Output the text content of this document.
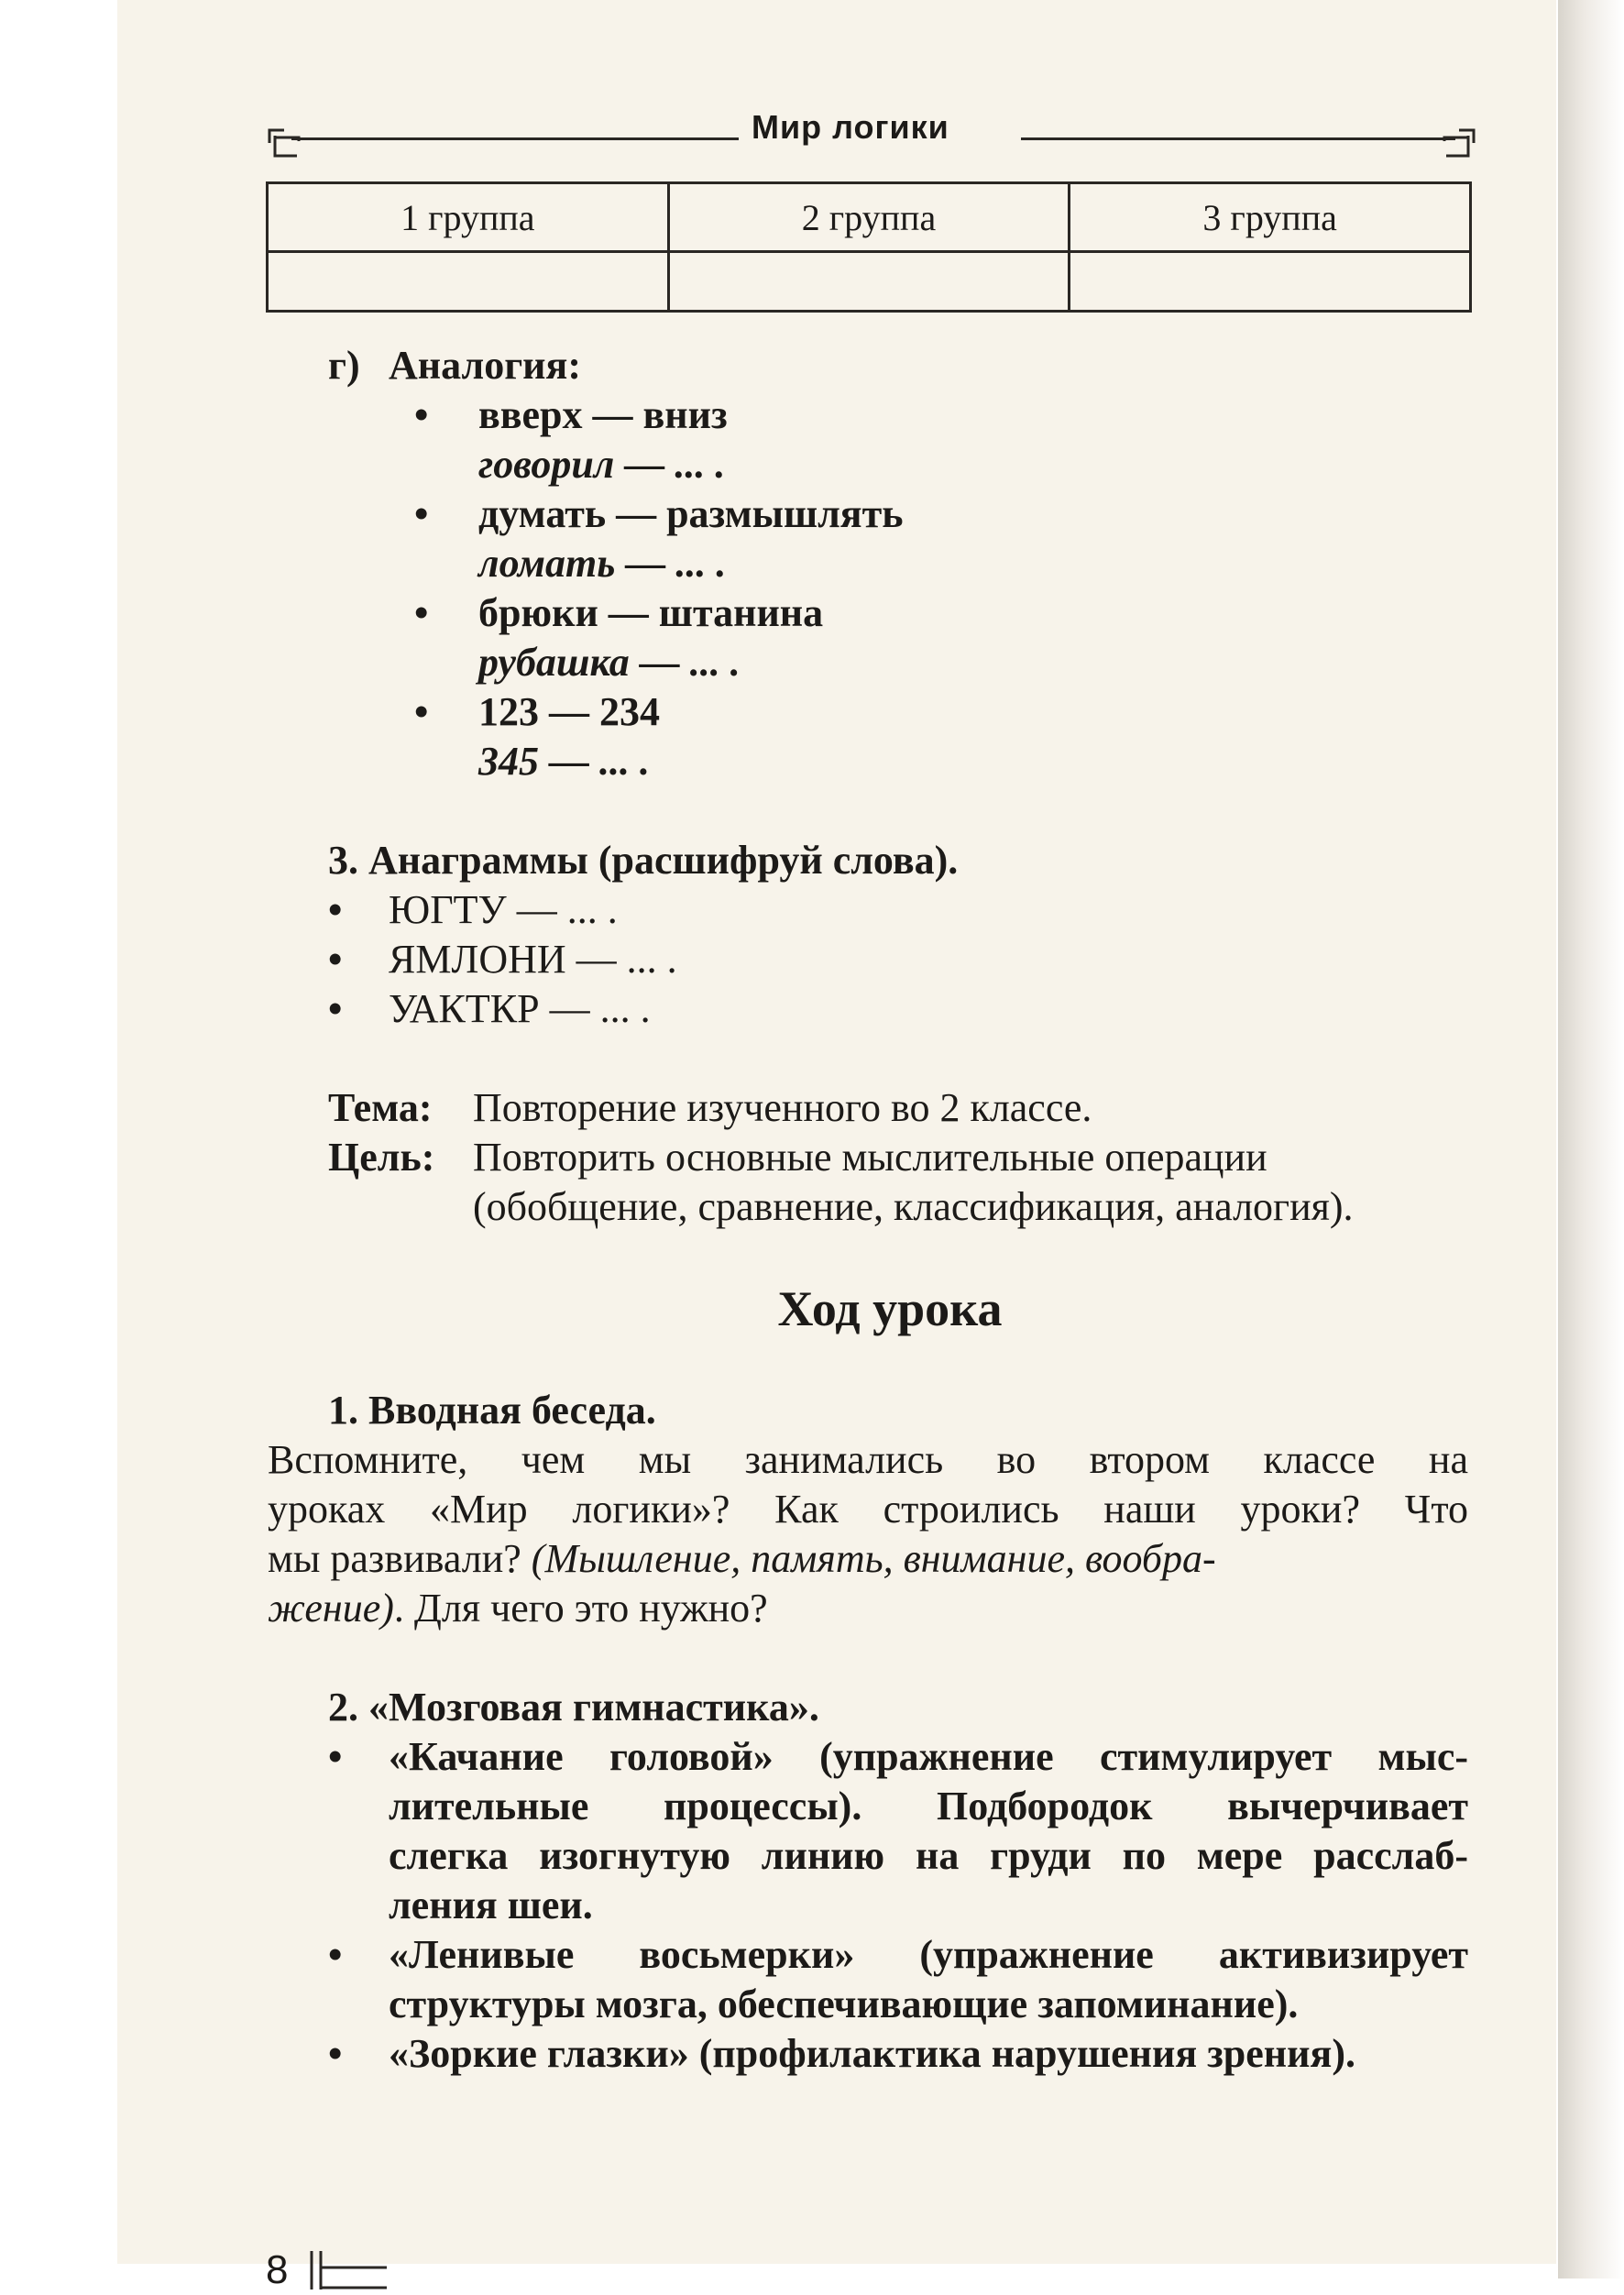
Мир логики
1 группа	2 группа	3 группа

г) Аналогия:
• вверх — вниз
говорил — ... .
• думать — размышлять
ломать — ... .
• брюки — штанина
рубашка — ... .
• 123 — 234
345 — ... .
3. Анаграммы (расшифруй слова).
• ЮГТУ — ... .
• ЯМЛОНИ — ... .
• УАКТКР — ... .
Тема: Повторение изученного во 2 классе.
Цель: Повторить основные мыслительные операции
(обобщение, сравнение, классификация, аналогия).
Ход урока
1. Вводная беседа.
Вспомните, чем мы занимались во втором классе на
уроках «Мир логики»? Как строились наши уроки? Что
мы развивали? (Мышление, память, внимание, вообра-
жение). Для чего это нужно?
2. «Мозговая гимнастика».
• «Качание головой» (упражнение стимулирует мыс-
лительные процессы). Подбородок вычерчивает
слегка изогнутую линию на груди по мере расслаб-
ления шеи.
• «Ленивые восьмерки» (упражнение активизирует
структуры мозга, обеспечивающие запоминание).
• «Зоркие глазки» (профилактика нарушения зрения).
8
